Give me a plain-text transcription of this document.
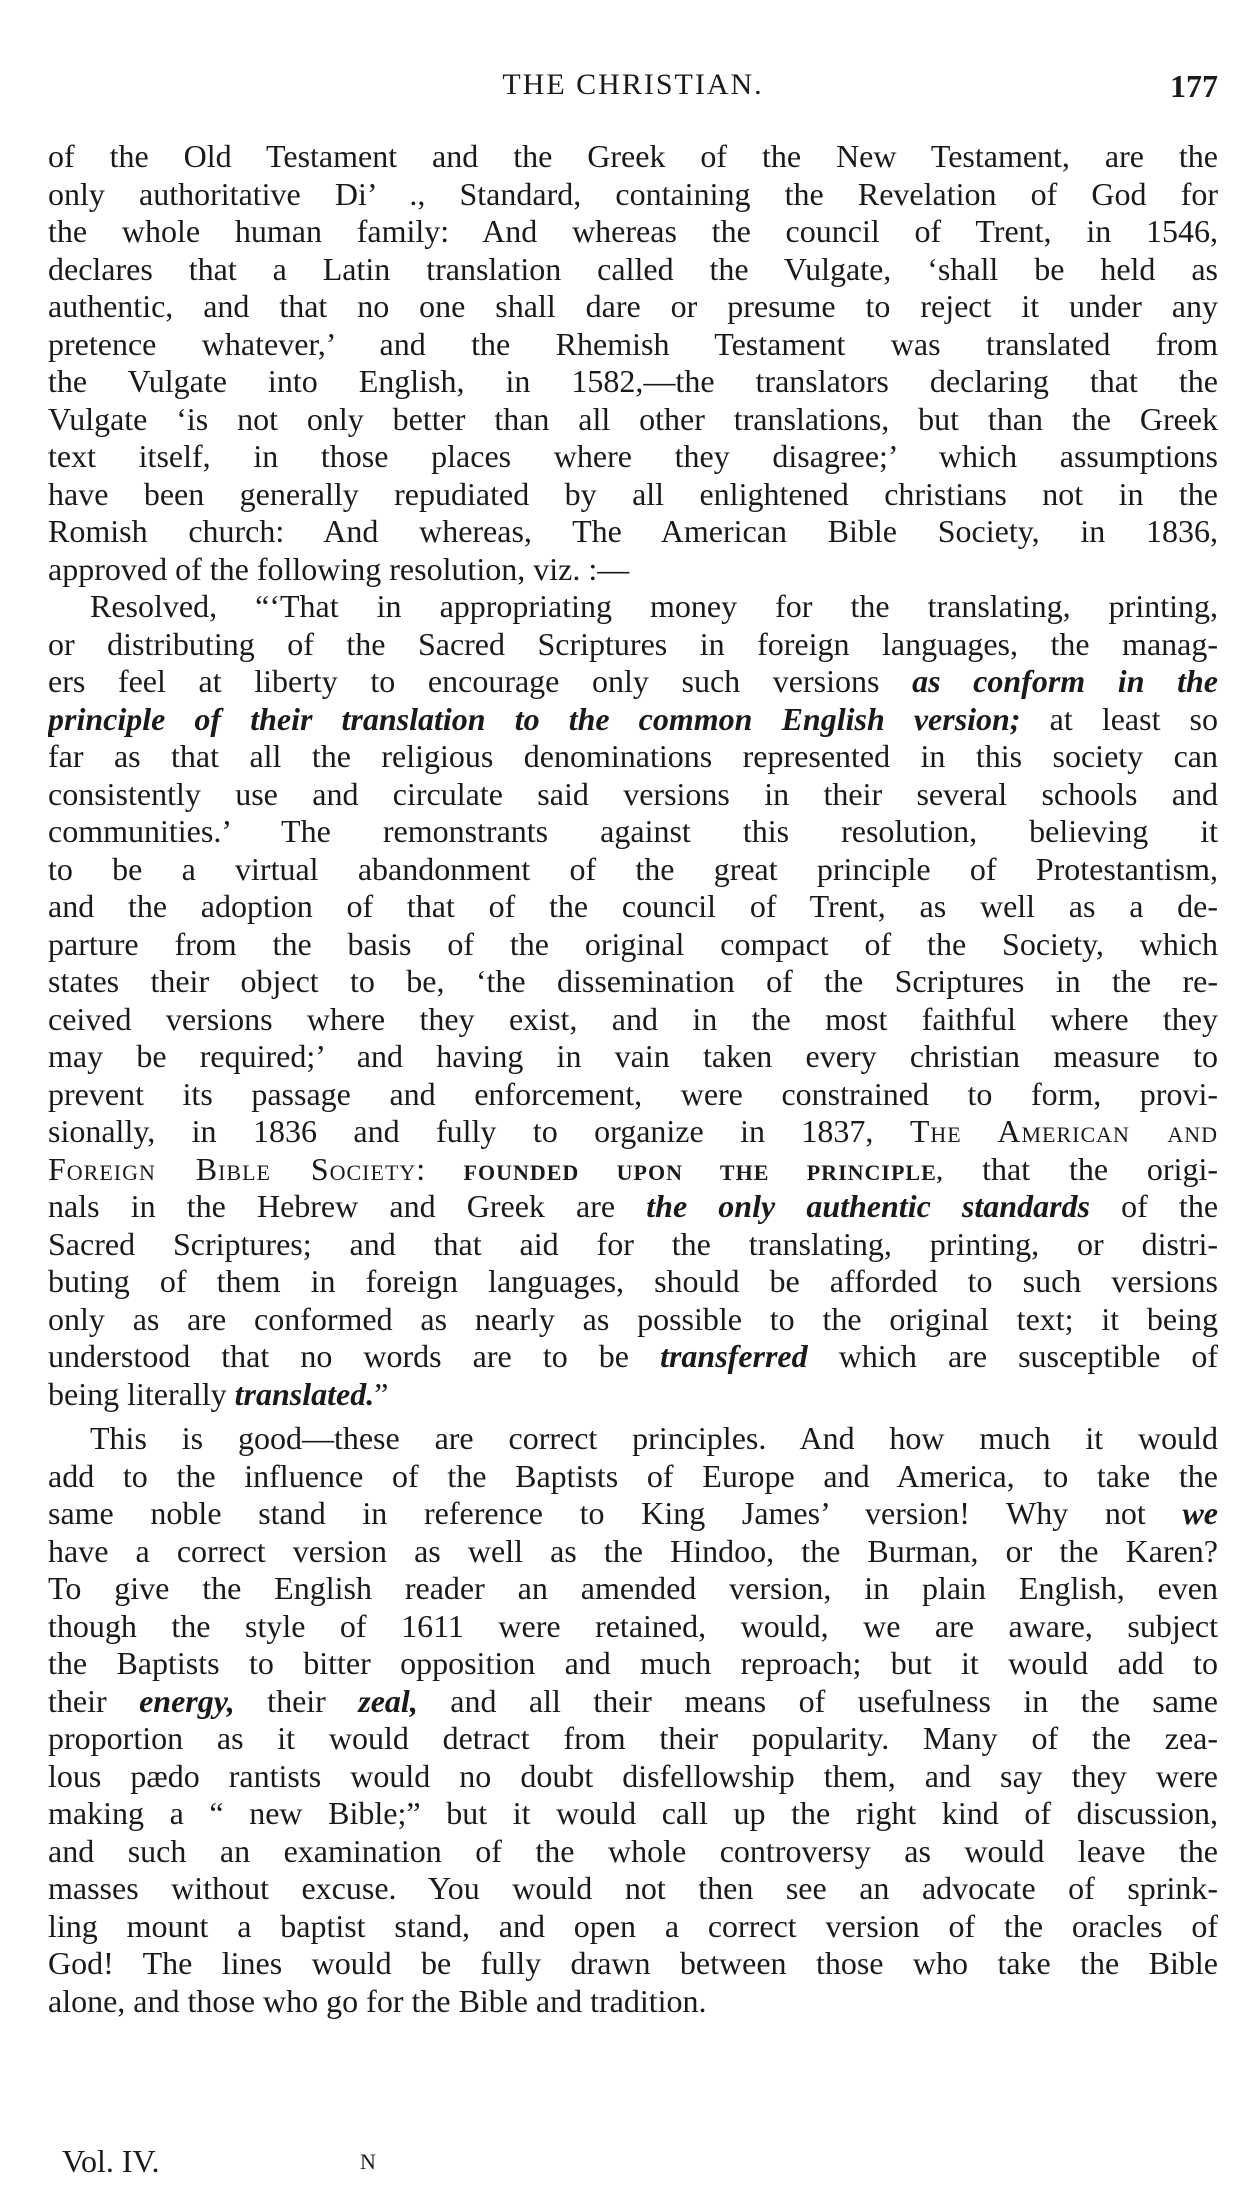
THE CHRISTIAN.	177
of the Old Testament and the Greek of the New Testament, are the
only authoritative Di’ ., Standard, containing the Revelation of God for
the whole human family: And whereas the council of Trent, in 1546,
declares that a Latin translation called the Vulgate, ‘shall be held as
authentic, and that no one shall dare or presume to reject it under any
pretence whatever,’ and the Rhemish Testament was translated from
the Vulgate into English, in 1582,—the translators declaring that the
Vulgate ‘is not only better than all other translations, but than the Greek
text itself, in those places where they disagree;’ which assumptions
have been generally repudiated by all enlightened christians not in the
Romish church: And whereas, The American Bible Society, in 1836,
approved of the following resolution, viz. :—
Resolved, “‘That in appropriating money for the translating, printing,
or distributing of the Sacred Scriptures in foreign languages, the manag-
ers feel at liberty to encourage only such versions as conform in the
principle of their translation to the common English version; at least so
far as that all the religious denominations represented in this society can
consistently use and circulate said versions in their several schools and
communities.’ The remonstrants against this resolution, believing it
to be a virtual abandonment of the great principle of Protestantism,
and the adoption of that of the council of Trent, as well as a de-
parture from the basis of the original compact of the Society, which
states their object to be, ‘the dissemination of the Scriptures in the re-
ceived versions where they exist, and in the most faithful where they
may be required;’ and having in vain taken every christian measure to
prevent its passage and enforcement, were constrained to form, provi-
sionally, in 1836 and fully to organize in 1837, The American and
Foreign Bible Society: FOUNDED UPON THE PRINCIPLE, that the origi-
nals in the Hebrew and Greek are the only authentic standards of the
Sacred Scriptures; and that aid for the translating, printing, or distri-
buting of them in foreign languages, should be afforded to such versions
only as are conformed as nearly as possible to the original text; it being
understood that no words are to be transferred which are susceptible of
being literally translated.”
This is good—these are correct principles. And how much it would
add to the influence of the Baptists of Europe and America, to take the
same noble stand in reference to King James’ version! Why not we
have a correct version as well as the Hindoo, the Burman, or the Karen?
To give the English reader an amended version, in plain English, even
though the style of 1611 were retained, would, we are aware, subject
the Baptists to bitter opposition and much reproach; but it would add to
their energy, their zeal, and all their means of usefulness in the same
proportion as it would detract from their popularity. Many of the zea-
lous pædo rantists would no doubt disfellowship them, and say they were
making a “ new Bible;” but it would call up the right kind of discussion,
and such an examination of the whole controversy as would leave the
masses without excuse. You would not then see an advocate of sprink-
ling mount a baptist stand, and open a correct version of the oracles of
God! The lines would be fully drawn between those who take the Bible
alone, and those who go for the Bible and tradition.
Vol. IV.	N
